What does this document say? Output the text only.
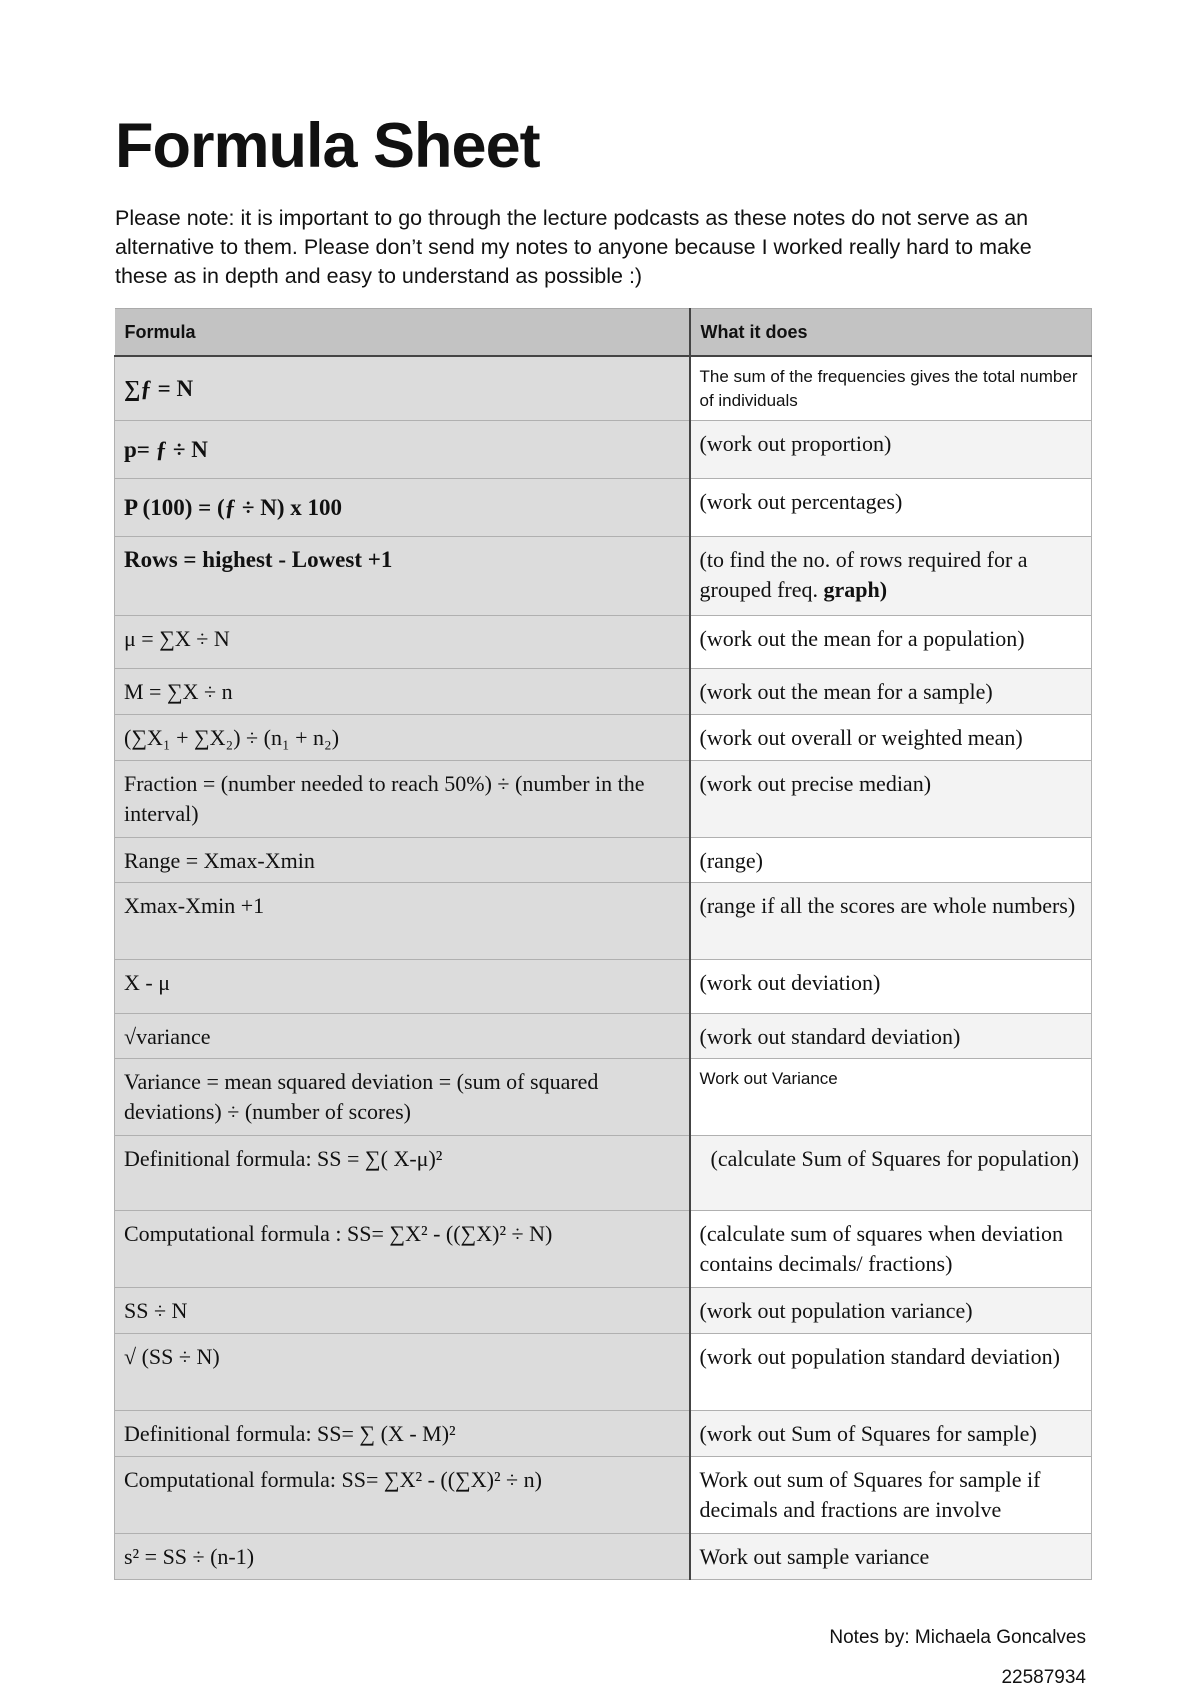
Formula Sheet

Please note: it is important to go through the lecture podcasts as these notes do not serve as an alternative to them. Please don’t send my notes to anyone because I worked really hard to make these as in depth and easy to understand as possible :)

Formula	What it does
∑ƒ = N	The sum of the frequencies gives the total number of individuals
p= ƒ ÷ N	(work out proportion)
P (100) = (ƒ ÷ N) x 100	(work out percentages)
Rows = highest - Lowest +1	(to find the no. of rows required for a grouped freq. graph)
μ = ∑X ÷ N	(work out the mean for a population)
M = ∑X ÷ n	(work out the mean for a sample)
(∑X₁ + ∑X₂) ÷ (n₁ + n₂)	(work out overall or weighted mean)
Fraction = (number needed to reach 50%) ÷ (number in the interval)	(work out precise median)
Range = Xmax-Xmin	(range)
Xmax-Xmin +1	(range if all the scores are whole numbers)
X - μ	(work out deviation)
√variance	(work out standard deviation)
Variance = mean squared deviation = (sum of squared deviations) ÷ (number of scores)	Work out Variance
Definitional formula: SS = ∑( X-μ)²	(calculate Sum of Squares for population)
Computational formula : SS= ∑X² - ((∑X)² ÷ N)	(calculate sum of squares when deviation contains decimals/ fractions)
SS ÷ N	(work out population variance)
√ (SS ÷ N)	(work out population standard deviation)
Definitional formula: SS= ∑ (X - M)²	(work out Sum of Squares for sample)
Computational formula: SS= ∑X² - ((∑X)² ÷ n)	Work out sum of Squares for sample if decimals and fractions are involve
s² = SS ÷ (n-1)	Work out sample variance
Notes by: Michaela Goncalves
22587934
